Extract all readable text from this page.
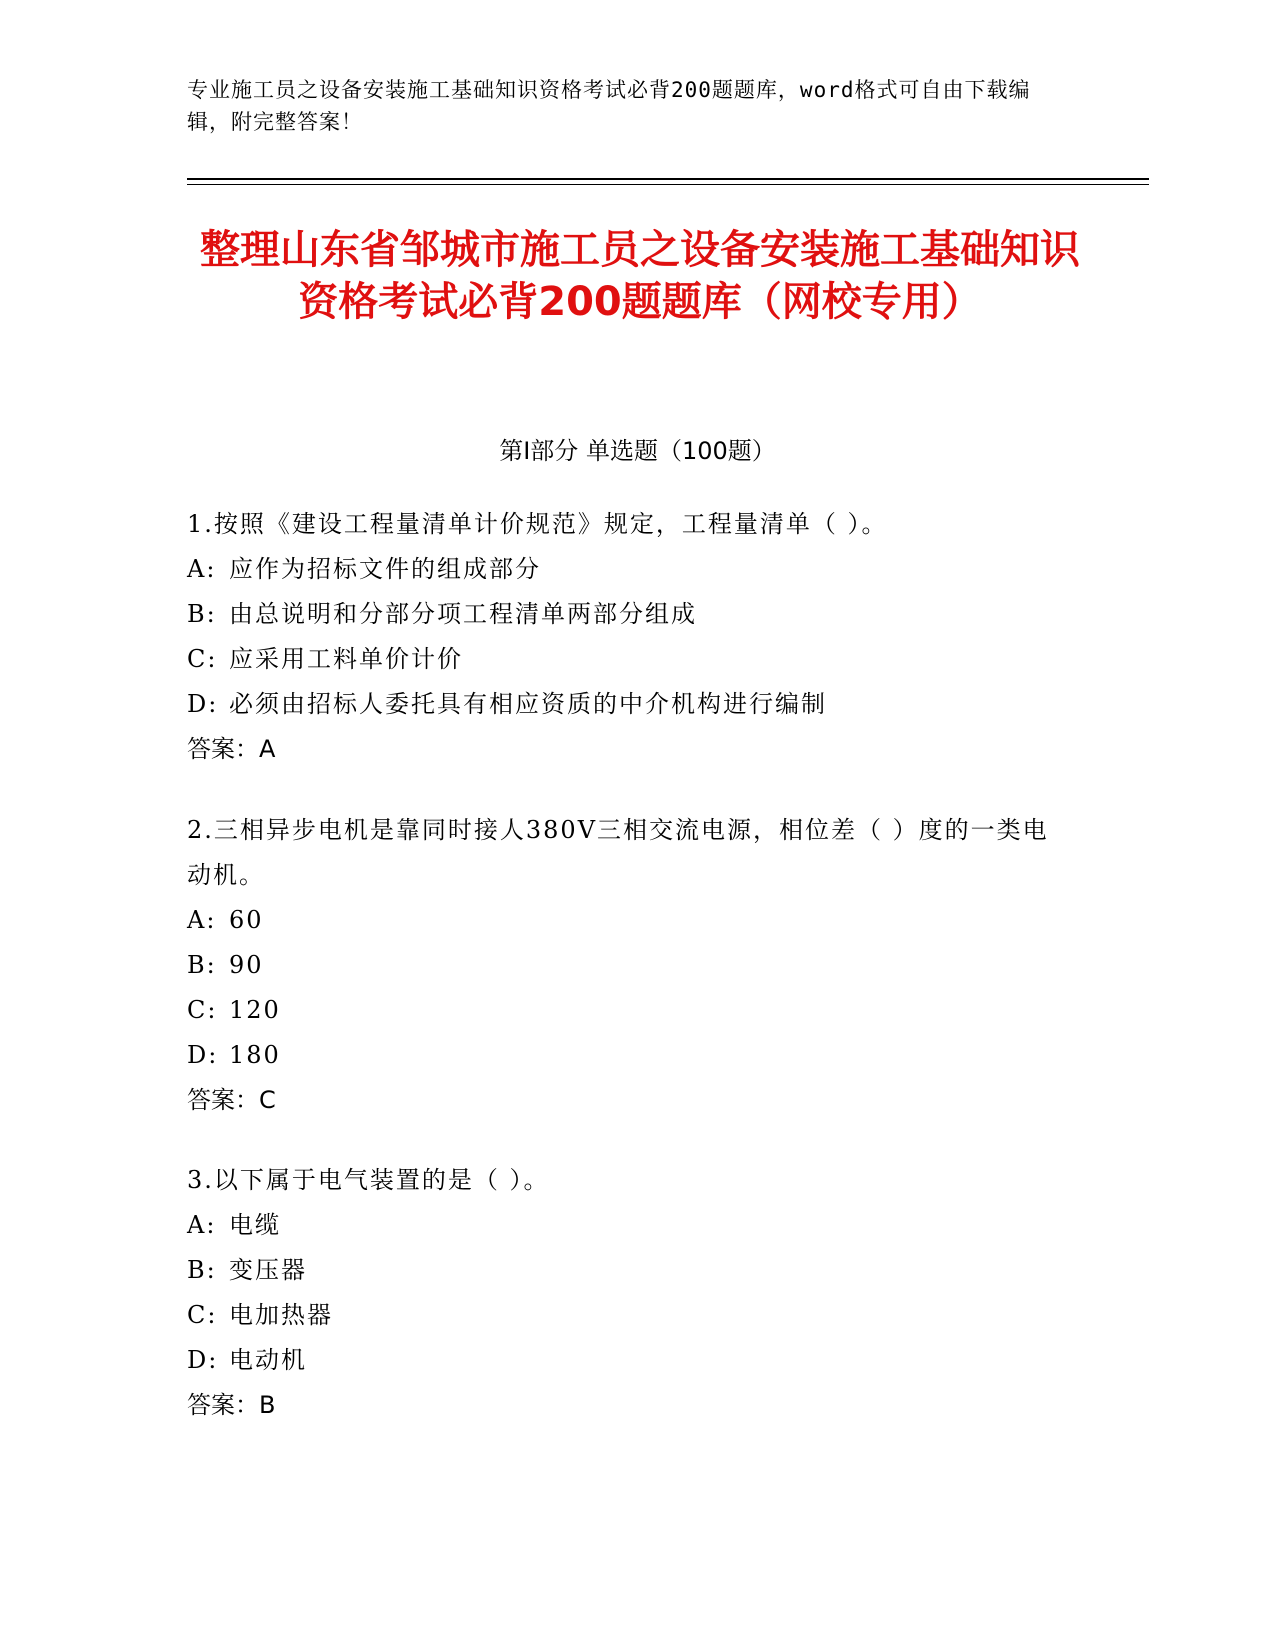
专业施工员之设备安装施工基础知识资格考试必背200题题库，word格式可自由下载编辑，附完整答案！
整理山东省邹城市施工员之设备安装施工基础知识资格考试必背200题题库（网校专用）
第Ⅰ部分 单选题（100题）
1.按照《建设工程量清单计价规范》规定，工程量清单（ ）。
A: 应作为招标文件的组成部分
B: 由总说明和分部分项工程清单两部分组成
C: 应采用工料单价计价
D: 必须由招标人委托具有相应资质的中介机构进行编制
答案：A
2.三相异步电机是靠同时接人380V三相交流电源，相位差（ ）度的一类电动机。
A: 60
B: 90
C: 120
D: 180
答案：C
3.以下属于电气装置的是（ ）。
A: 电缆
B: 变压器
C: 电加热器
D: 电动机
答案：B
